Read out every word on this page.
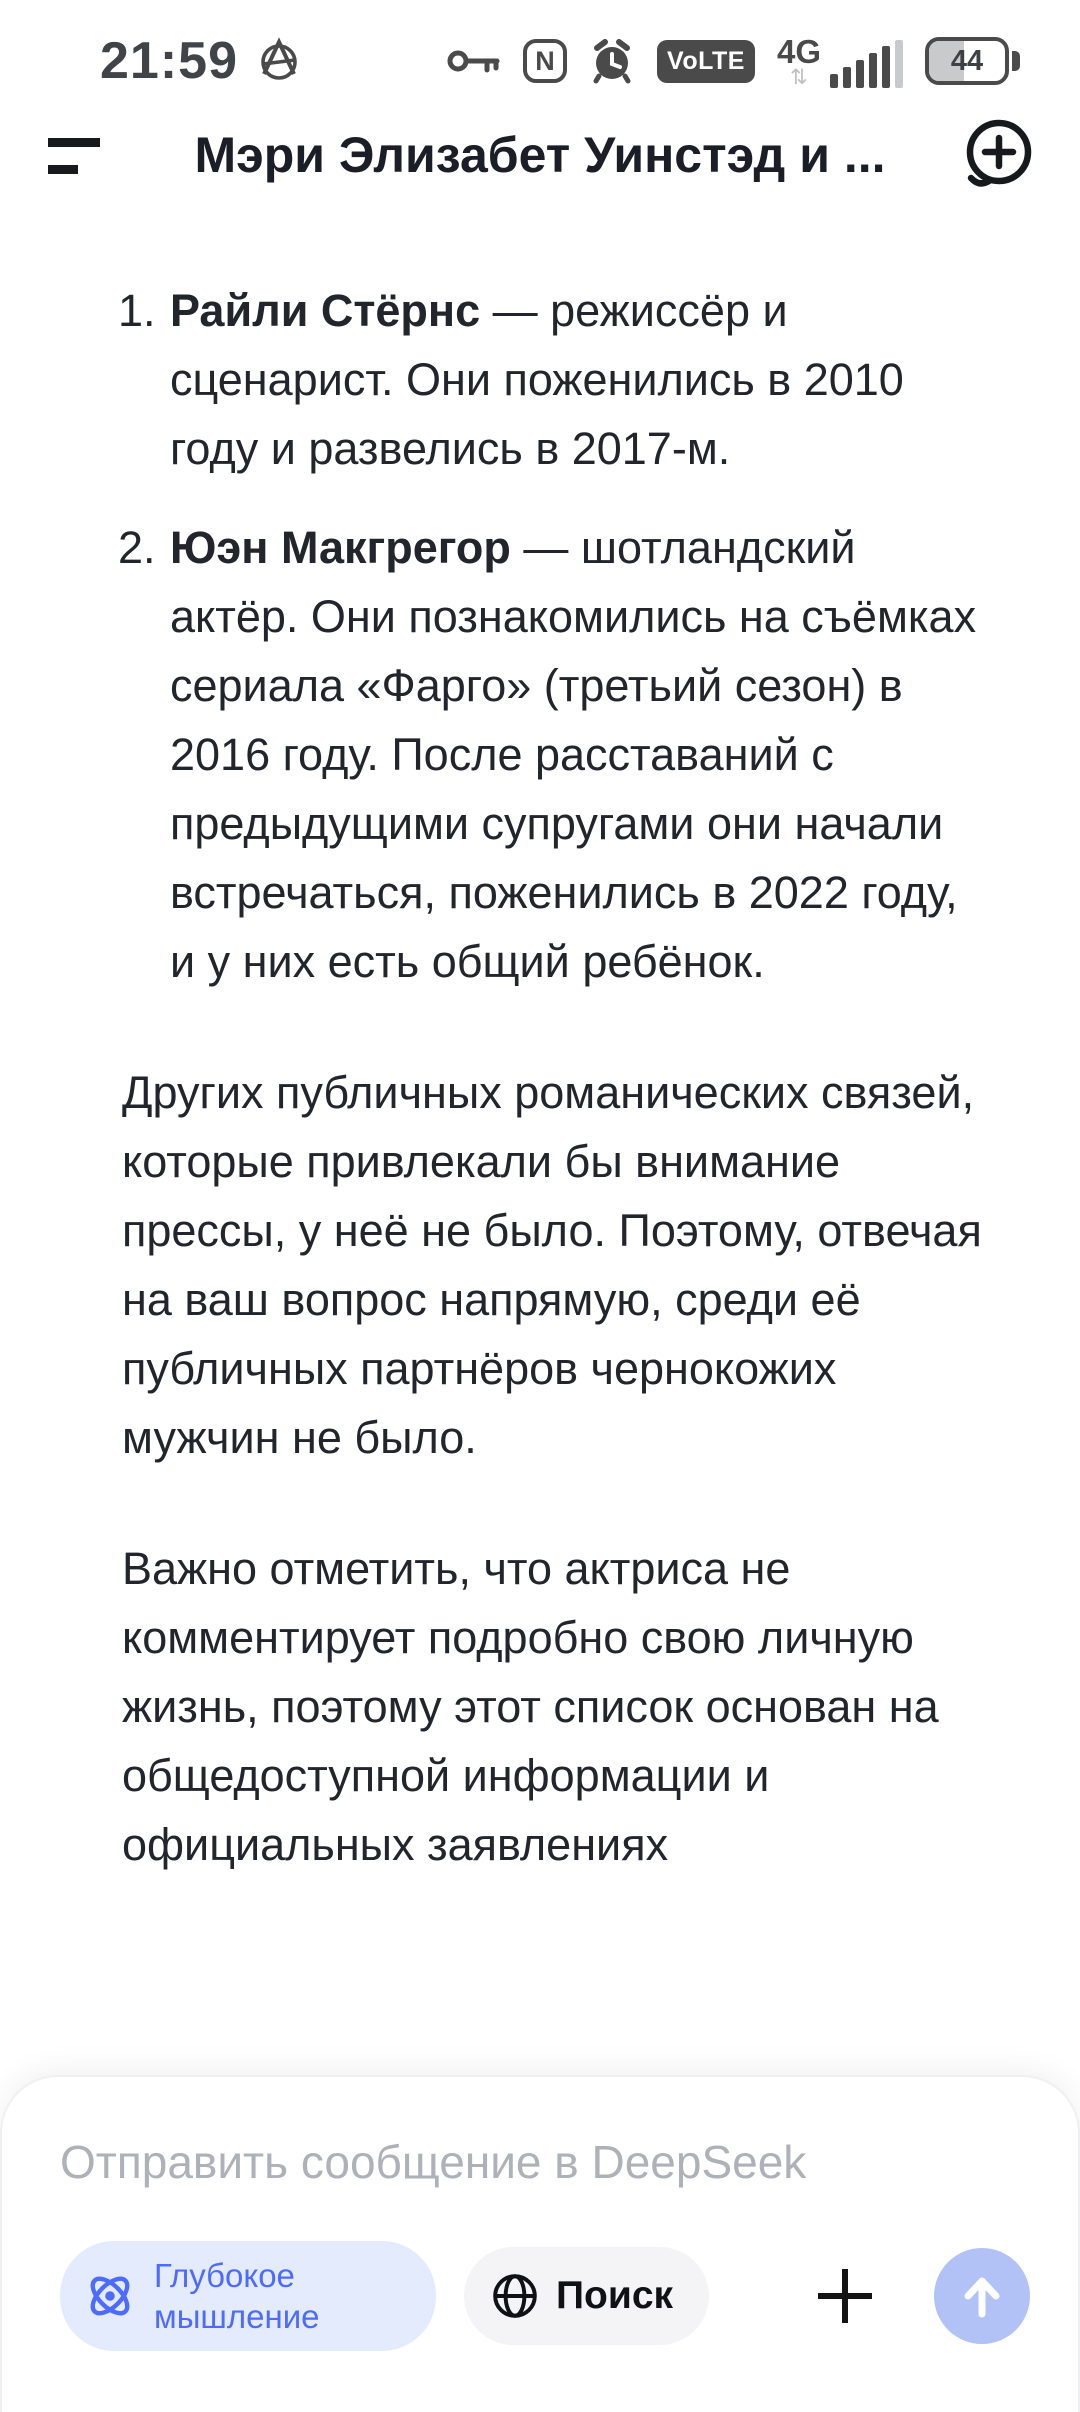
21:59	N	VoLTE 4G
⇅
44
Мэри Элизабет Уинстэд и ...
1. Райли Стёрнс — режиссёр и сценарист. Они поженились в 2010 году и развелись в 2017-м.
2. Юэн Макгрегор — шотландский актёр. Они познакомились на съёмках сериала «Фарго» (третьий сезон) в 2016 году. После расставаний с предыдущими супругами они начали встречаться, поженились в 2022 году, и у них есть общий ребёнок.

Других публичных романических связей, которые привлекали бы внимание прессы, у неё не было. Поэтому, отвечая на ваш вопрос напрямую, среди её публичных партнёров чернокожих мужчин не было.

Важно отметить, что актриса не комментирует подробно свою личную жизнь, поэтому этот список основан на общедоступной информации и официальных заявлениях

Отправить сообщение в DeepSeek
Глубокое мышление	Поиск
